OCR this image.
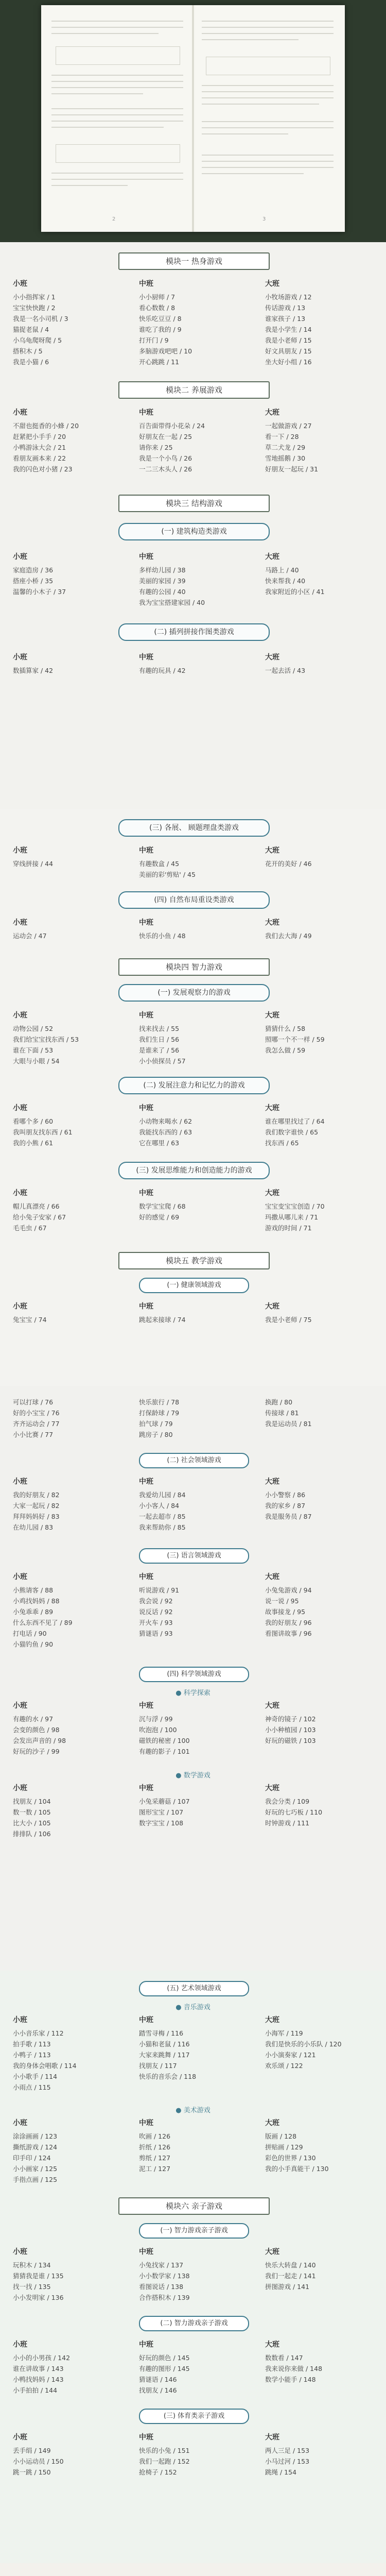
2	3
模块一 热身游戏
小班
小小指挥家 / 1
宝宝快快跑 / 2
我是一名小司机 / 3
猫捉老鼠 / 4
小乌龟爬呀爬 / 5
搭积木 / 5
我是小猫 / 6
中班
小小厨师 / 7
看心数数 / 8
快乐吃豆豆 / 8
谁吃了我的 / 9
打开门 / 9
多脑游戏吧吧 / 10
开心跳跳 / 11
大班
小牧场游戏 / 12
传话游戏 / 13
谁家孩子 / 13
我是小学生 / 14
我是小老师 / 15
好文具朋友 / 15
坐大好小组 / 16
模块二 养展游戏
小班
不甜也挺香的小蜂 / 20
赶紧把小手手 / 20
小鸭游泳大会 / 21
看朋友画本来 / 22
我的闪色对小猪 / 23
中班
百告面带得小花朵 / 24
好朋友在一起 / 25
请你来 / 25
我是一个小鸟 / 26
一二三木头人 / 26
大班
一起做游戏 / 27
看一下 / 28
草二犬龙 / 29
雪地摇鹅 / 30
好朋友一起玩 / 31
模块三 结构游戏
(一) 建筑构造类游戏
小班
家庭造房 / 36
搭座小桥 / 35
温馨的小木子 / 37
中班
多样幼儿园 / 38
美丽的家园 / 39
有趣的公园 / 40
我为宝宝搭建家园 / 40
大班
马路上 / 40
快来帮我 / 40
我家附近的小区 / 41
(二) 插列拼接作图类游戏
小班
数插算家 / 42
中班
有趣的玩具 / 42
大班
一起去活 / 43
(三) 各展、 顾题理盘类游戏
小班
穿线拼接 / 44
中班
有趣数盒 / 45
美丽的彩'剪贴' / 45
大班
花开的美好 / 46
(四) 自然布局重设类游戏
小班
运动会 / 47
中班
快乐的小鱼 / 48
大班
我们去大海 / 49
模块四 智力游戏
(一) 发展观察力的游戏
小班
动物公园 / 52
我们给宝宝找东西 / 53
谁在下面 / 53
大眼与小眼 / 54
中班
找来找去 / 55
我们生日 / 56
是谁来了 / 56
小小侦探员 / 57
大班
猜猜什么 / 58
照哪一个不一样 / 59
我怎么做 / 59
(二) 发展注意力和记忆力的游戏
小班
看哪个多 / 60
我叫朋友找东西 / 61
我的小熊 / 61
中班
小动物来喝水 / 62
我能找东西的 / 63
它在哪里 / 63
大班
谁在哪里找过了 / 64
我们数字谁快 / 65
找东西 / 65
(三) 发展思维能力和创造能力的游戏
小班
帽儿真漂亮 / 66
给小兔子安家 / 67
毛毛虫 / 67
中班
数学宝宝爬 / 68
好的感觉 / 69
大班
宝宝变宝宝创造 / 70
玛撒从哪儿来 / 71
游戏的时间 / 71
模块五 教学游戏
(一) 健康领域游戏
小班
兔宝宝 / 74
中班
跳起来接球 / 74
大班
我是小老师 / 75
可以打球 / 76
好的小宝宝 / 76
齐齐运动会 / 77
小小比赛 / 77
快乐旅行 / 78
打保龄球 / 79
拍气球 / 79
跳房子 / 80
换跑 / 80
传接球 / 81
我是运动员 / 81
(二) 社会领域游戏
小班
我的好朋友 / 82
大家一起玩 / 82
拜拜妈妈好 / 83
在幼儿园 / 83
中班
我爱幼儿园 / 84
小小客人 / 84
一起去超市 / 85
我来帮助你 / 85
大班
小小警察 / 86
我的家乡 / 87
我是服务员 / 87
(三) 语言领域游戏
小班
小熊请客 / 88
小鸡找妈妈 / 88
小兔乖乖 / 89
什么东西不见了 / 89
打电话 / 90
小猫钓鱼 / 90
中班
听说游戏 / 91
我会说 / 92
说反话 / 92
开火车 / 93
猜谜语 / 93
大班
小兔兔游戏 / 94
说一说 / 95
故事接龙 / 95
我的好朋友 / 96
看图讲故事 / 96
(四) 科学领域游戏
● 科学探索
小班
有趣的水 / 97
会变的颜色 / 98
会发出声音的 / 98
好玩的沙子 / 99
中班
沉与浮 / 99
吹泡泡 / 100
磁铁的秘密 / 100
有趣的影子 / 101
大班
神奇的镜子 / 102
小小种植园 / 103
好玩的磁铁 / 103
● 数学游戏
小班
找朋友 / 104
数一数 / 105
比大小 / 105
排排队 / 106
中班
小兔采蘑菇 / 107
图形宝宝 / 107
数字宝宝 / 108
大班
我会分类 / 109
好玩的七巧板 / 110
时钟游戏 / 111
(五) 艺术领域游戏
● 音乐游戏
小班
小小音乐家 / 112
拍手歌 / 113
小鸭子 / 113
我的身体会唱歌 / 114
小小歌手 / 114
小雨点 / 115
中班
踏雪寻梅 / 116
小猫和老鼠 / 116
大家来跳舞 / 117
找朋友 / 117
快乐的音乐会 / 118
大班
小海军 / 119
我们是快乐的小乐队 / 120
小小演奏家 / 121
欢乐颂 / 122
● 美术游戏
小班
涂涂画画 / 123
撕纸游戏 / 124
印手印 / 124
小小画家 / 125
手指点画 / 125
中班
吹画 / 126
折纸 / 126
剪纸 / 127
泥工 / 127
大班
版画 / 128
拼贴画 / 129
彩色的世界 / 130
我的小手真能干 / 130
模块六 亲子游戏
(一) 智力游戏亲子游戏
小班
玩积木 / 134
猜猜我是谁 / 135
找一找 / 135
小小发明家 / 136
中班
小兔找家 / 137
小小数学家 / 138
看图说话 / 138
合作搭积木 / 139
大班
快乐大转盘 / 140
我们一起走 / 141
拼图游戏 / 141
(二) 智力游戏亲子游戏
小班
小小的小男孩 / 142
谁在讲故事 / 143
小鸭找妈妈 / 143
小手拍拍 / 144
中班
好玩的颜色 / 145
有趣的图形 / 145
猜谜语 / 146
找朋友 / 146
大班
数数看 / 147
我来说你来做 / 148
数学小能手 / 148
(三) 体育类亲子游戏
小班
丢手绢 / 149
小小运动员 / 150
跳一跳 / 150
中班
快乐的小兔 / 151
我们一起跑 / 152
抢椅子 / 152
大班
两人三足 / 153
小马过河 / 153
跳绳 / 154
